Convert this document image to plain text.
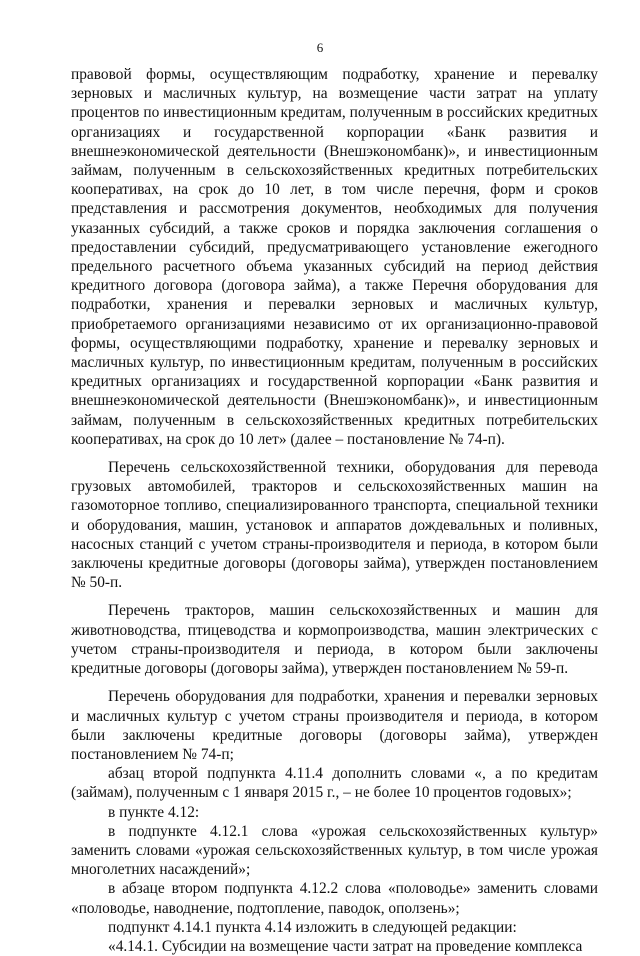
6

правовой формы, осуществляющим подработку, хранение и перевалку зерновых и масличных культур, на возмещение части затрат на уплату процентов по инвестиционным кредитам, полученным в российских кредитных организациях и государственной корпорации «Банк развития и внешнеэкономической деятельности (Внешэкономбанк)», и инвестиционным займам, полученным в сельскохозяйственных кредитных потребительских кооперативах, на срок до 10 лет, в том числе перечня, форм и сроков представления и рассмотрения документов, необходимых для получения указанных субсидий, а также сроков и порядка заключения соглашения о предоставлении субсидий, предусматривающего установление ежегодного предельного расчетного объема указанных субсидий на период действия кредитного договора (договора займа), а также Перечня оборудования для подработки, хранения и перевалки зерновых и масличных культур, приобретаемого организациями независимо от их организационно-правовой формы, осуществляющими подработку, хранение и перевалку зерновых и масличных культур, по инвестиционным кредитам, полученным в российских кредитных организациях и государственной корпорации «Банк развития и внешнеэкономической деятельности (Внешэкономбанк)», и инвестиционным займам, полученным в сельскохозяйственных кредитных потребительских кооперативах, на срок до 10 лет» (далее – постановление № 74-п).

Перечень сельскохозяйственной техники, оборудования для перевода грузовых автомобилей, тракторов и сельскохозяйственных машин на газомоторное топливо, специализированного транспорта, специальной техники и оборудования, машин, установок и аппаратов дождевальных и поливных, насосных станций с учетом страны-производителя и периода, в котором были заключены кредитные договоры (договоры займа), утвержден постановлением № 50-п.

Перечень тракторов, машин сельскохозяйственных и машин для животноводства, птицеводства и кормопроизводства, машин электрических с учетом страны-производителя и периода, в котором были заключены кредитные договоры (договоры займа), утвержден постановлением № 59-п.

Перечень оборудования для подработки, хранения и перевалки зерновых и масличных культур с учетом страны производителя и периода, в котором были заключены кредитные договоры (договоры займа), утвержден постановлением № 74-п;

абзац второй подпункта 4.11.4 дополнить словами «, а по кредитам (займам), полученным с 1 января 2015 г., – не более 10 процентов годовых»;

в пункте 4.12:

в подпункте 4.12.1 слова «урожая сельскохозяйственных культур» заменить словами «урожая сельскохозяйственных культур, в том числе урожая многолетних насаждений»;

в абзаце втором подпункта 4.12.2 слова «половодье» заменить словами «половодье, наводнение, подтопление, паводок, оползень»;

подпункт 4.14.1 пункта 4.14 изложить в следующей редакции:

«4.14.1. Субсидии на возмещение части затрат на проведение комплекса
